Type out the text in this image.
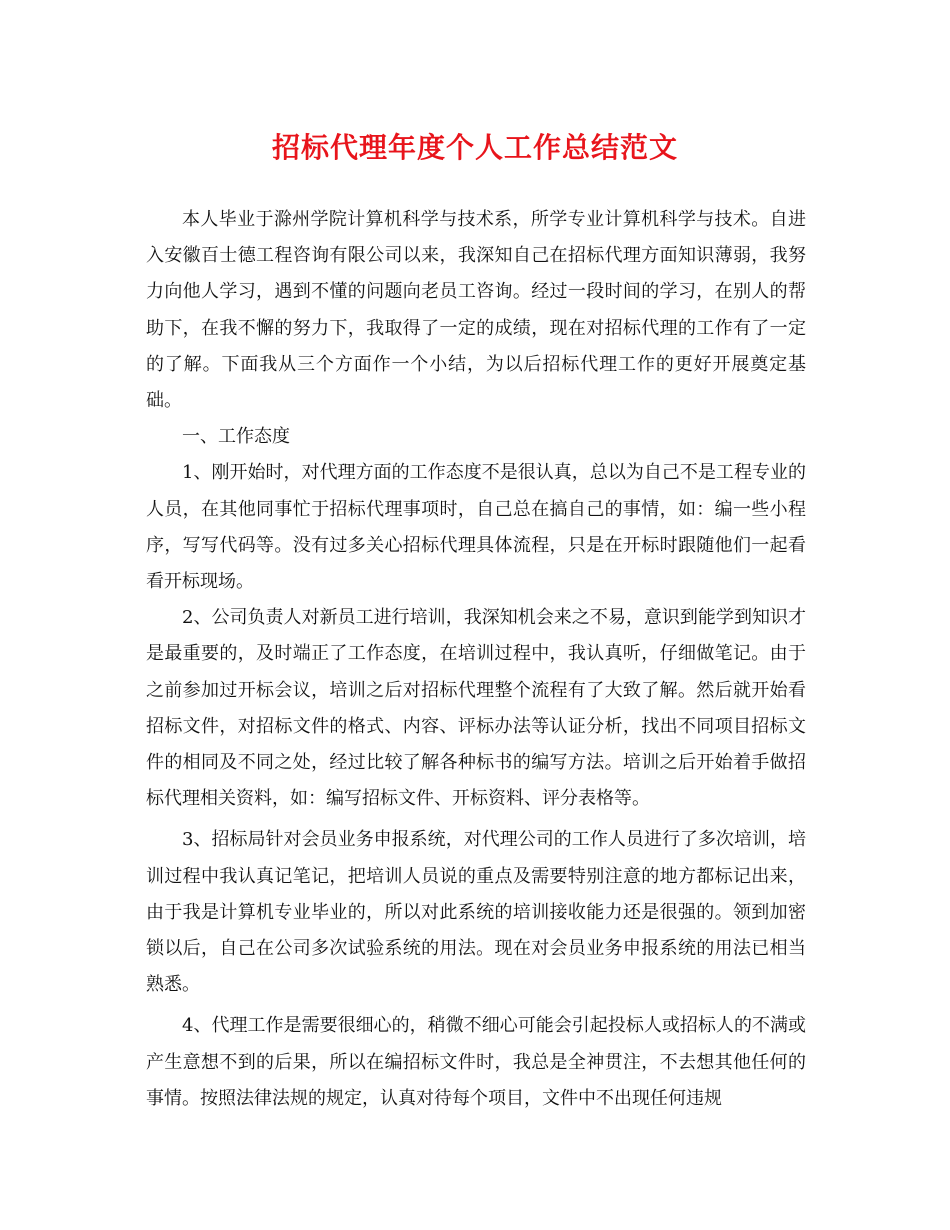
招标代理年度个人工作总结范文

本人毕业于滁州学院计算机科学与技术系，所学专业计算机科学与技术。自进入安徽百士德工程咨询有限公司以来，我深知自己在招标代理方面知识薄弱，我努力向他人学习，遇到不懂的问题向老员工咨询。经过一段时间的学习，在别人的帮助下，在我不懈的努力下，我取得了一定的成绩，现在对招标代理的工作有了一定的了解。下面我从三个方面作一个小结，为以后招标代理工作的更好开展奠定基础。

一、工作态度

1、刚开始时，对代理方面的工作态度不是很认真，总以为自己不是工程专业的人员，在其他同事忙于招标代理事项时，自己总在搞自己的事情，如：编一些小程序，写写代码等。没有过多关心招标代理具体流程，只是在开标时跟随他们一起看看开标现场。

2、公司负责人对新员工进行培训，我深知机会来之不易，意识到能学到知识才是最重要的，及时端正了工作态度，在培训过程中，我认真听，仔细做笔记。由于之前参加过开标会议，培训之后对招标代理整个流程有了大致了解。然后就开始看招标文件，对招标文件的格式、内容、评标办法等认证分析，找出不同项目招标文件的相同及不同之处，经过比较了解各种标书的编写方法。培训之后开始着手做招标代理相关资料，如：编写招标文件、开标资料、评分表格等。

3、招标局针对会员业务申报系统，对代理公司的工作人员进行了多次培训，培训过程中我认真记笔记，把培训人员说的重点及需要特别注意的地方都标记出来，由于我是计算机专业毕业的，所以对此系统的培训接收能力还是很强的。领到加密锁以后，自己在公司多次试验系统的用法。现在对会员业务申报系统的用法已相当熟悉。

4、代理工作是需要很细心的，稍微不细心可能会引起投标人或招标人的不满或产生意想不到的后果，所以在编招标文件时，我总是全神贯注，不去想其他任何的事情。按照法律法规的规定，认真对待每个项目，文件中不出现任何违规
